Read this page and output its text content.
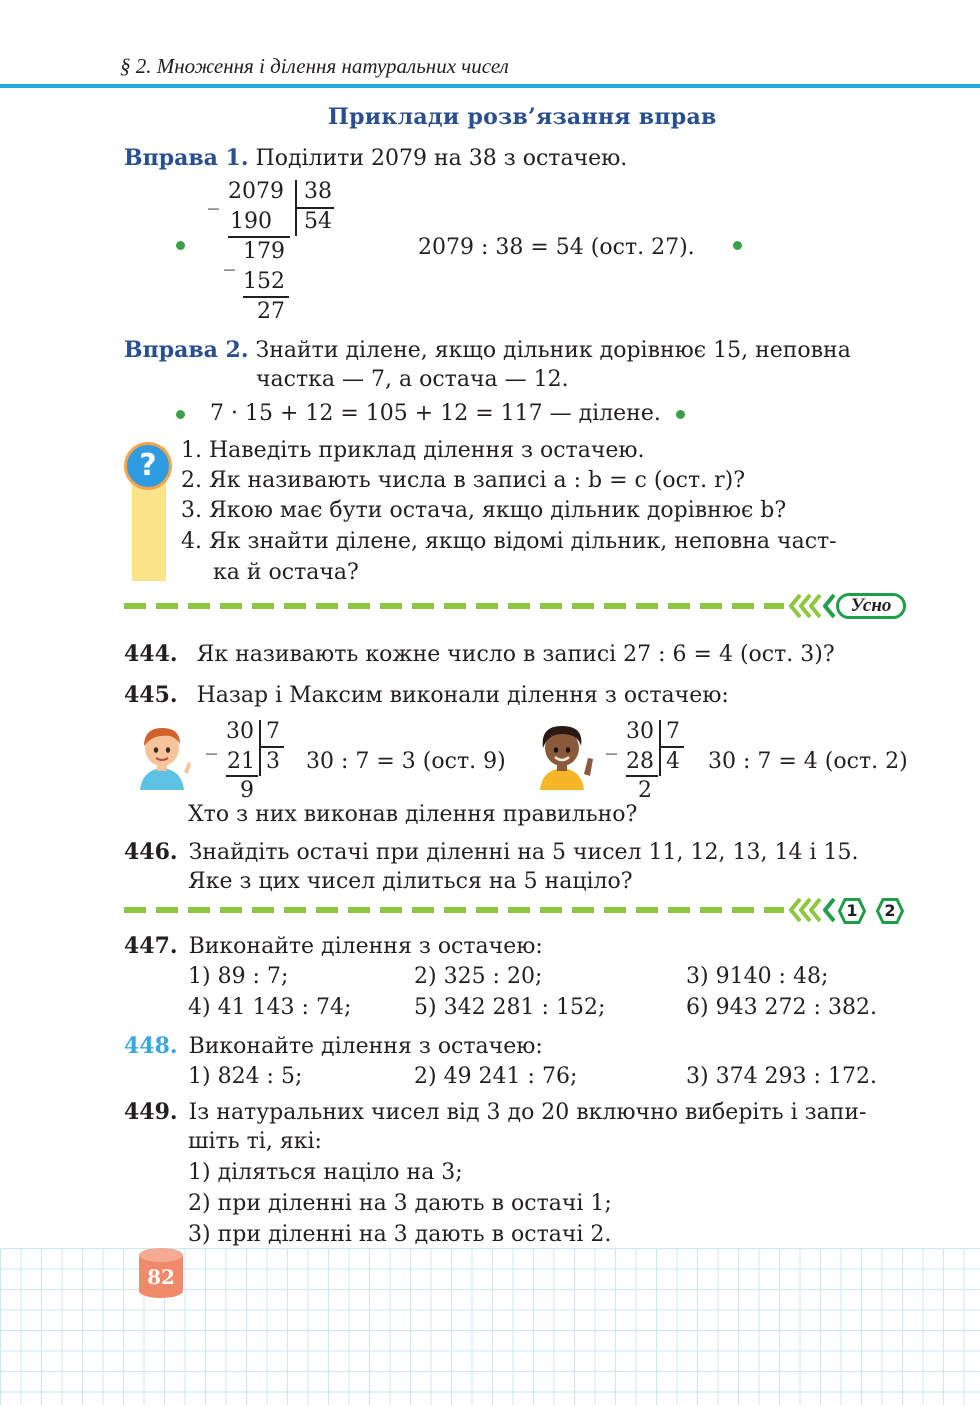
§ 2. Множення і ділення натуральних чисел
Приклади розв’язання вправ
Вправа 1. Поділити 2079 на 38 з остачею.
_ 2079 38
190 54
_ 179
152
27
2079 : 38 = 54 (ост. 27).
Вправа 2. Знайти ділене, якщо дільник дорівнює 15, неповна
частка — 7, а остача — 12.
7 · 15 + 12 = 105 + 12 = 117 — ділене.
?	1. Наведіть приклад ділення з остачею.
2. Як називають числа в записі a : b = c (ост. r)?
3. Якою має бути остача, якщо дільник дорівнює b?
4. Як знайти ділене, якщо відомі дільник, неповна част-
ка й остача?
Усно
444. Як називають кожне число в записі 27 : 6 = 4 (ост. 3)?
445. Назар і Максим виконали ділення з остачею:
_ 30 7
21 3
9
30 : 7 = 3 (ост. 9)
_ 30 7
28 4
2
30 : 7 = 4 (ост. 2)
Хто з них виконав ділення правильно?
446. Знайдіть остачі при діленні на 5 чисел 11, 12, 13, 14 і 15.
Яке з цих чисел ділиться на 5 націло?
1	2
447. Виконайте ділення з остачею:
1) 89 : 7;	2) 325 : 20;	3) 9140 : 48;
4) 41 143 : 74;	5) 342 281 : 152;	6) 943 272 : 382.
448. Виконайте ділення з остачею:
1) 824 : 5;	2) 49 241 : 76;	3) 374 293 : 172.
449. Із натуральних чисел від 3 до 20 включно виберіть і запи-
шіть ті, які:
1) діляться націло на 3;
2) при діленні на 3 дають в остачі 1;
3) при діленні на 3 дають в остачі 2.
82
